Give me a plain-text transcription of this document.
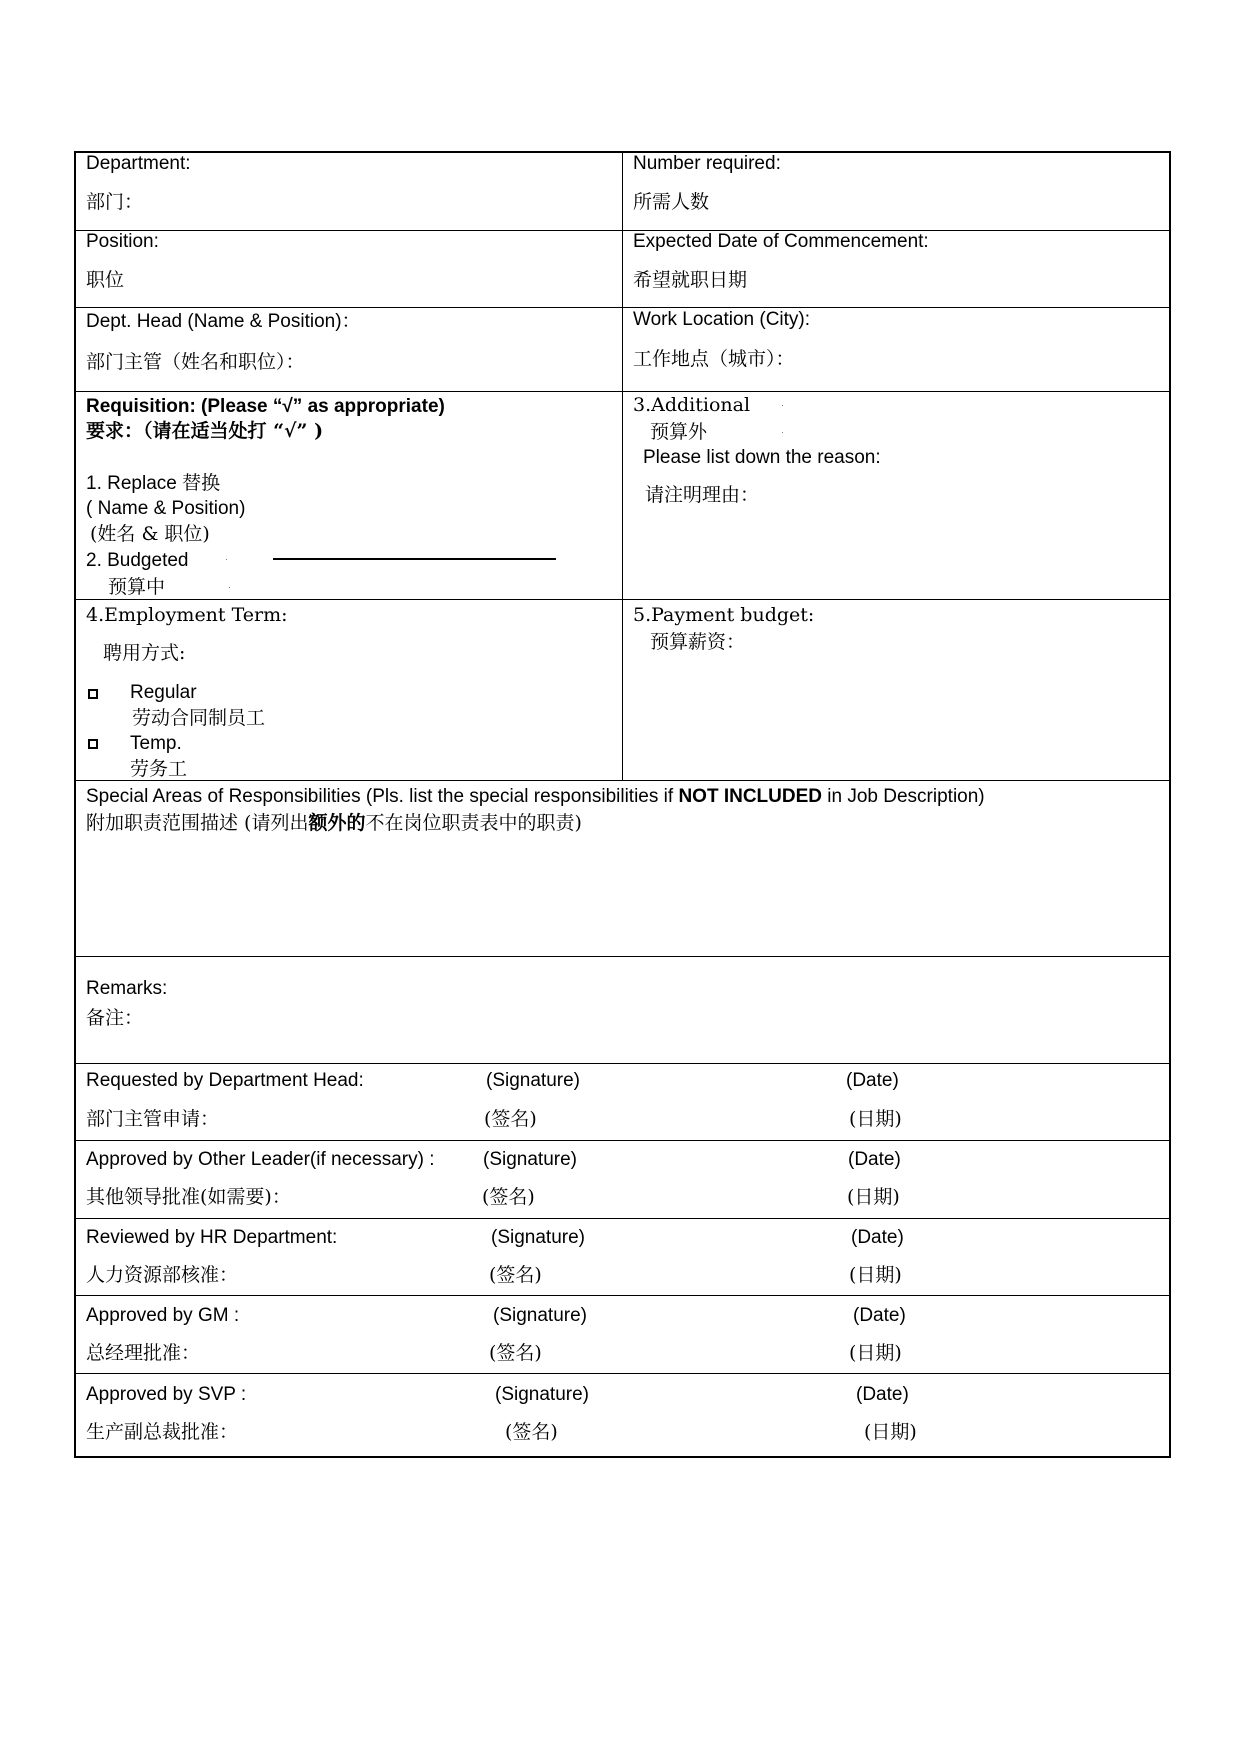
Department:
部门：
Number required:
所需人数
Position:
职位
Expected Date of Commencement:
希望就职日期
Dept. Head (Name & Position)：
部门主管（姓名和职位）：
Work Location (City):
工作地点（城市）：
Requisition: (Please “√” as appropriate)
要求：（请在适当处打 “√” )
1. Replace 替换
( Name & Position)
(姓名 & 职位)
2. Budgeted
预算中
3.Additional
预算外
Please list down the reason:
请注明理由：
4.Employment Term:
聘用方式:
Regular
劳动合同制员工
Temp.
劳务工
5.Payment budget:
预算薪资：
Special Areas of Responsibilities (Pls. list the special responsibilities if NOT INCLUDED in Job Description)
附加职责范围描述 (请列出额外的不在岗位职责表中的职责)
Remarks:
备注：
Requested by Department Head:
部门主管申请：
(Signature)
(签名)
(Date)
(日期)
Approved by Other Leader(if necessary) :
其他领导批准(如需要)：
(Signature)
(签名)
(Date)
(日期)
Reviewed by HR Department:
人力资源部核准：
(Signature)
(签名)
(Date)
(日期)
Approved by GM :
总经理批准：
(Signature)
(签名)
(Date)
(日期)
Approved by SVP :
生产副总裁批准：
(Signature)
(签名)
(Date)
(日期)
